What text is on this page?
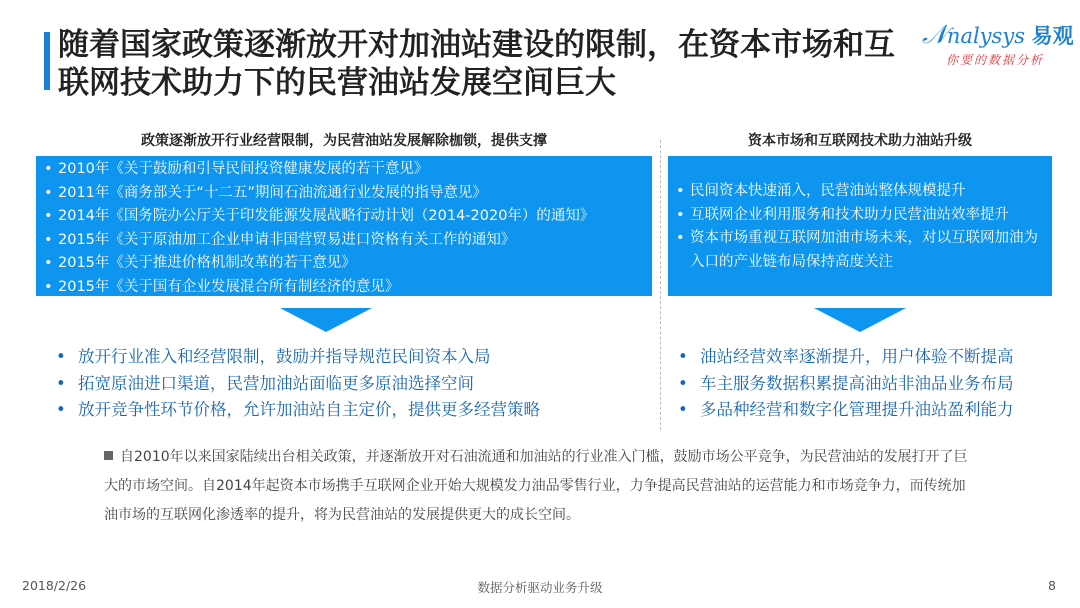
随着国家政策逐渐放开对加油站建设的限制，在资本市场和互联网技术助力下的民营油站发展空间巨大
𝒩nalysys 易观
你要的数据分析
政策逐渐放开行业经营限制，为民营油站发展解除枷锁，提供支撑	资本市场和互联网技术助力油站升级
• 2010年《关于鼓励和引导民间投资健康发展的若干意见》
• 2011年《商务部关于“十二五”期间石油流通行业发展的指导意见》
• 2014年《国务院办公厅关于印发能源发展战略行动计划（2014-2020年）的通知》
• 2015年《关于原油加工企业申请非国营贸易进口资格有关工作的通知》
• 2015年《关于推进价格机制改革的若干意见》
• 2015年《关于国有企业发展混合所有制经济的意见》
• 民间资本快速涌入，民营油站整体规模提升
• 互联网企业利用服务和技术助力民营油站效率提升
• 资本市场重视互联网加油市场未来，对以互联网加油为入口的产业链布局保持高度关注
• 放开行业准入和经营限制，鼓励并指导规范民间资本入局
• 拓宽原油进口渠道，民营加油站面临更多原油选择空间
• 放开竞争性环节价格，允许加油站自主定价，提供更多经营策略
• 油站经营效率逐渐提升，用户体验不断提高
• 车主服务数据积累提高油站非油品业务布局
• 多品种经营和数字化管理提升油站盈利能力
自2010年以来国家陆续出台相关政策，并逐渐放开对石油流通和加油站的行业准入门槛，鼓励市场公平竞争，为民营油站的发展打开了巨大的市场空间。自2014年起资本市场携手互联网企业开始大规模发力油品零售行业，力争提高民营油站的运营能力和市场竞争力，而传统加油市场的互联网化渗透率的提升，将为民营油站的发展提供更大的成长空间。
2018/2/26	数据分析驱动业务升级	8
